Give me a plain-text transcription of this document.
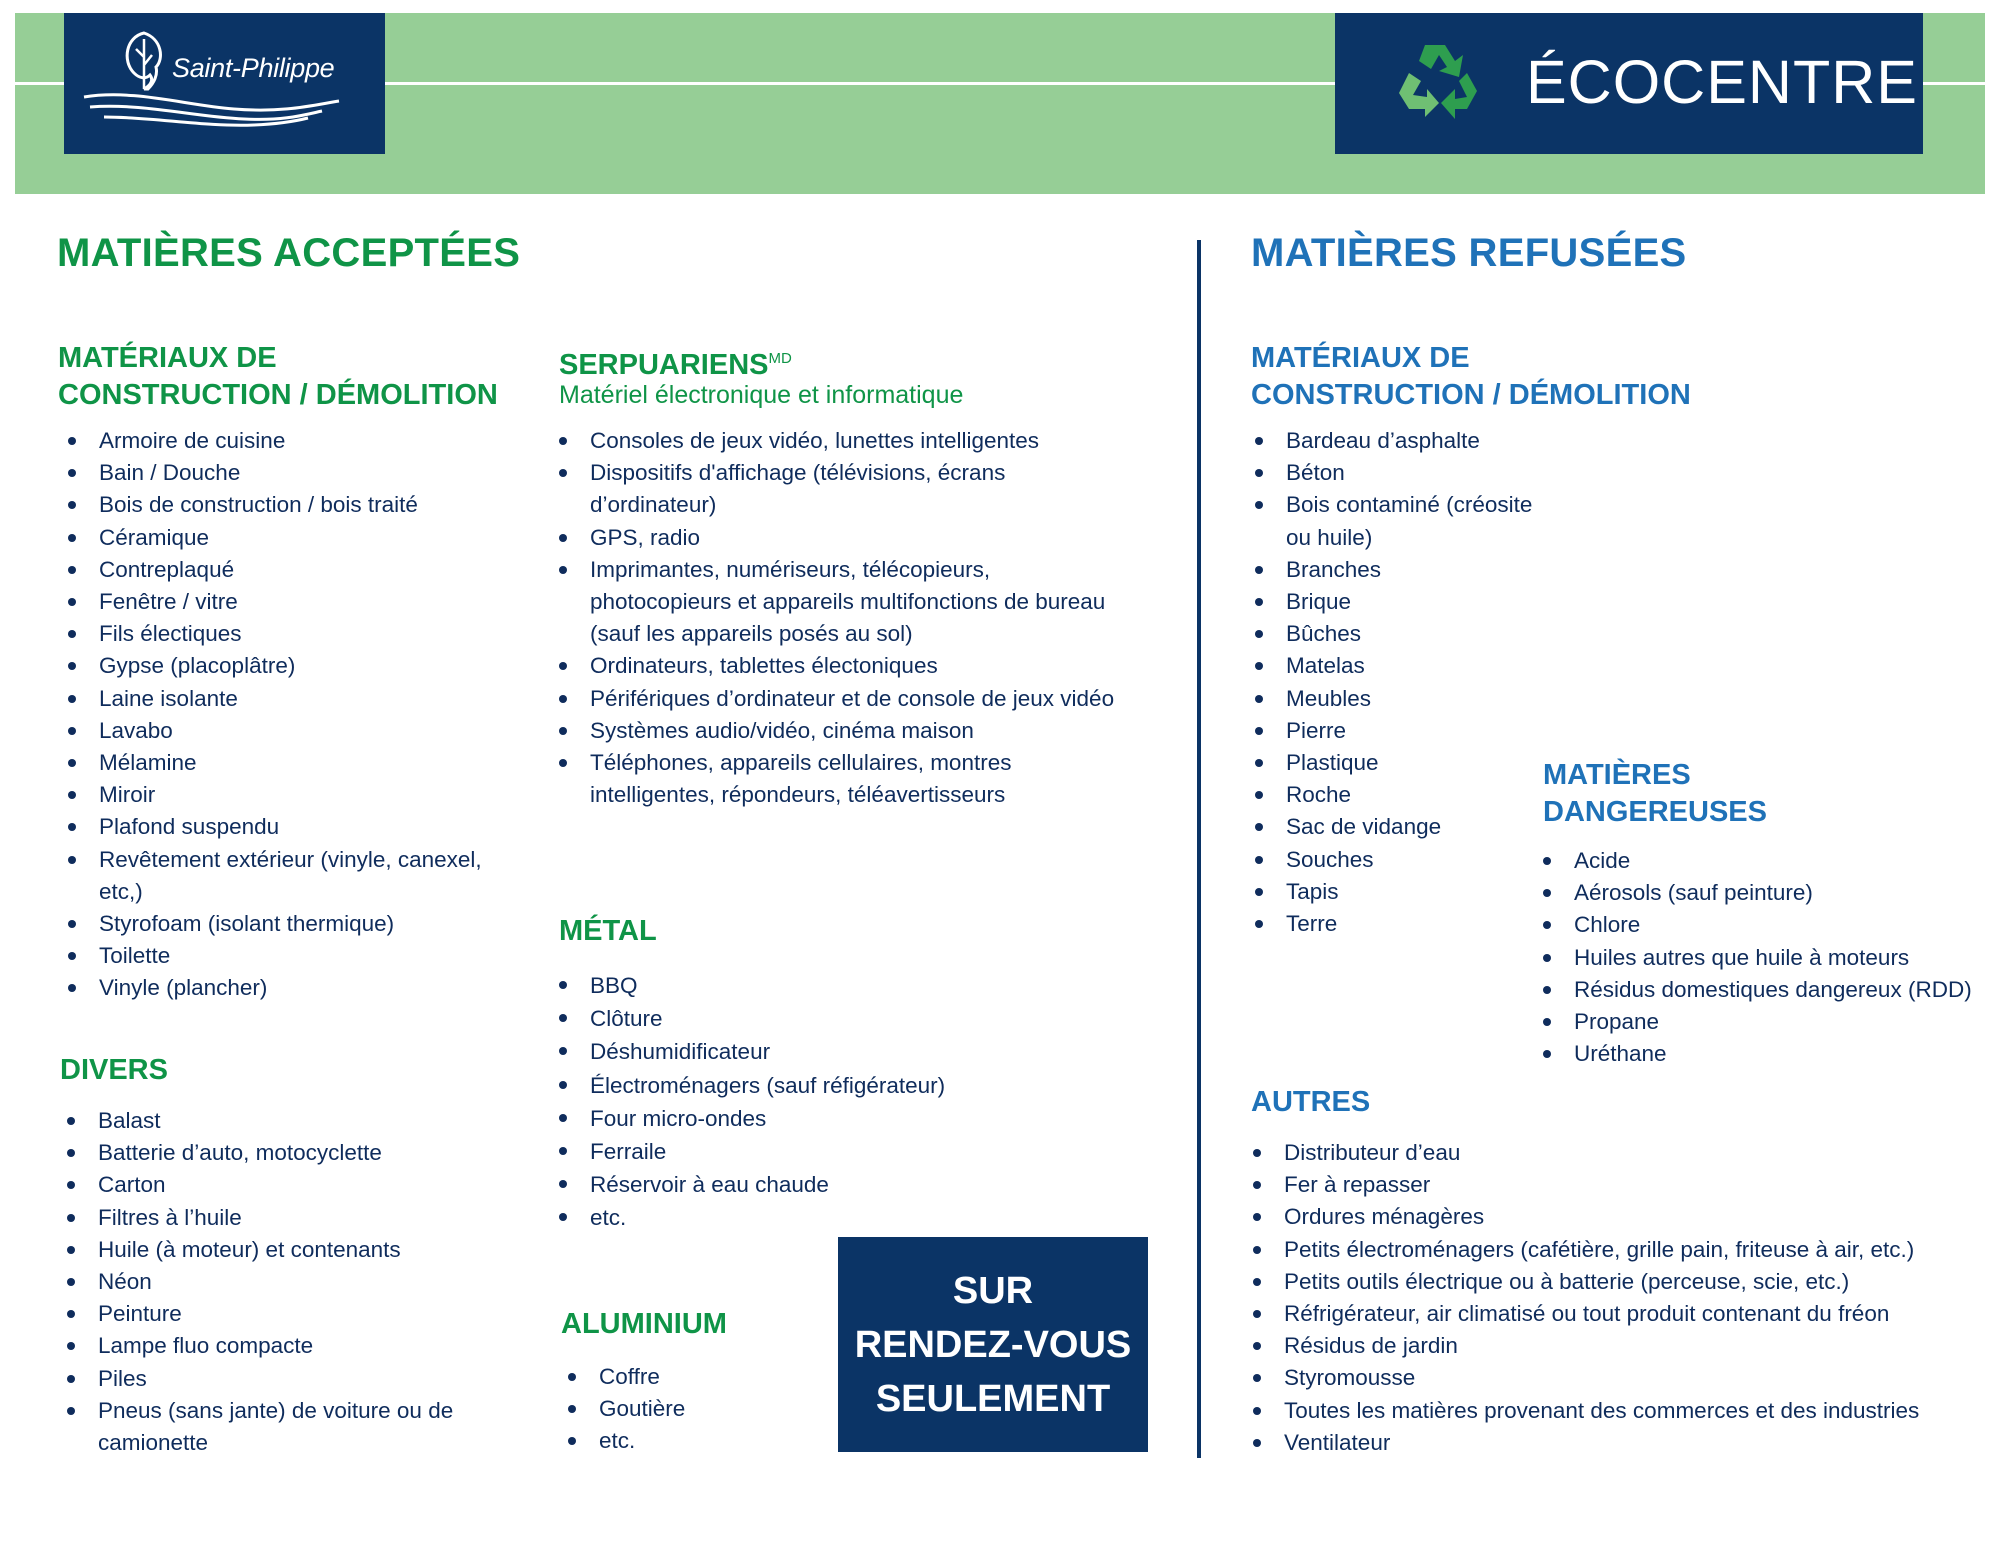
Saint-Philippe	ÉCOCENTRE
MATIÈRES ACCEPTÉES
MATÉRIAUX DE
CONSTRUCTION / DÉMOLITION
Armoire de cuisine
Bain / Douche
Bois de construction / bois traité
Céramique
Contreplaqué
Fenêtre / vitre
Fils électiques
Gypse (placoplâtre)
Laine isolante
Lavabo
Mélamine
Miroir
Plafond suspendu
Revêtement extérieur (vinyle, canexel, etc,)
Styrofoam (isolant thermique)
Toilette
Vinyle (plancher)
DIVERS
Balast
Batterie d’auto, motocyclette
Carton
Filtres à l’huile
Huile (à moteur) et contenants
Néon
Peinture
Lampe fluo compacte
Piles
Pneus (sans jante) de voiture ou de camionette
$SERPUARIENS^{MD}$
Matériel électronique et informatique
Consoles de jeux vidéo, lunettes intelligentes
Dispositifs d'affichage (télévisions, écrans d’ordinateur)
GPS, radio
Imprimantes, numériseurs, télécopieurs, photocopieurs et appareils multifonctions de bureau (sauf les appareils posés au sol)
Ordinateurs, tablettes électoniques
Périfériques d’ordinateur et de console de jeux vidéo
Systèmes audio/vidéo, cinéma maison
Téléphones, appareils cellulaires, montres intelligentes, répondeurs, téléavertisseurs
MÉTAL
BBQ
Clôture
Déshumidificateur
Électroménagers (sauf réfigérateur)
Four micro-ondes
Ferraile
Réservoir à eau chaude
etc.
ALUMINIUM
Coffre
Goutière
etc.
SUR
RENDEZ-VOUS
SEULEMENT
MATIÈRES REFUSÉES
MATÉRIAUX DE
CONSTRUCTION / DÉMOLITION
Bardeau d’asphalte
Béton
Bois contaminé (créosite ou huile)
Branches
Brique
Bûches
Matelas
Meubles
Pierre
Plastique
Roche
Sac de vidange
Souches
Tapis
Terre
MATIÈRES
DANGEREUSES
Acide
Aérosols (sauf peinture)
Chlore
Huiles autres que huile à moteurs
Résidus domestiques dangereux (RDD)
Propane
Uréthane
AUTRES
Distributeur d’eau
Fer à repasser
Ordures ménagères
Petits électroménagers (cafétière, grille pain, friteuse à air, etc.)
Petits outils électrique ou à batterie (perceuse, scie, etc.)
Réfrigérateur, air climatisé ou tout produit contenant du fréon
Résidus de jardin
Styromousse
Toutes les matières provenant des commerces et des industries
Ventilateur
